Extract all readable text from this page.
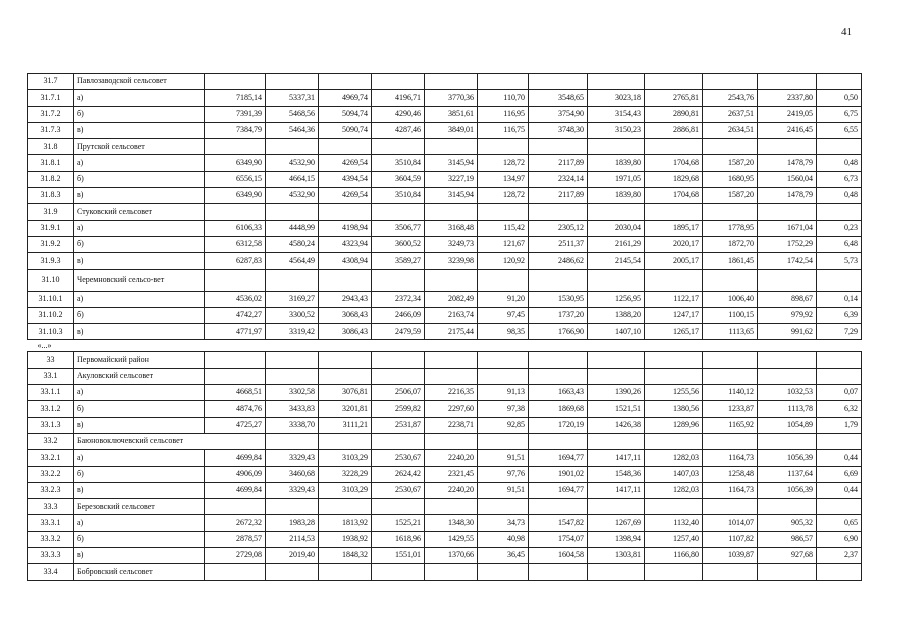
41
31.7	Павлозаводской сельсовет												
31.7.1	а)	7185,14	5337,31	4969,74	4196,71	3770,36	110,70	3548,65	3023,18	2765,81	2543,76	2337,80	0,50
31.7.2	б)	7391,39	5468,56	5094,74	4290,46	3851,61	116,95	3754,90	3154,43	2890,81	2637,51	2419,05	6,75
31.7.3	в)	7384,79	5464,36	5090,74	4287,46	3849,01	116,75	3748,30	3150,23	2886,81	2634,51	2416,45	6,55
31.8	Прутской сельсовет												
31.8.1	а)	6349,90	4532,90	4269,54	3510,84	3145,94	128,72	2117,89	1839,80	1704,68	1587,20	1478,79	0,48
31.8.2	б)	6556,15	4664,15	4394,54	3604,59	3227,19	134,97	2324,14	1971,05	1829,68	1680,95	1560,04	6,73
31.8.3	в)	6349,90	4532,90	4269,54	3510,84	3145,94	128,72	2117,89	1839,80	1704,68	1587,20	1478,79	0,48
31.9	Стуковский сельсовет												
31.9.1	а)	6106,33	4448,99	4198,94	3506,77	3168,48	115,42	2305,12	2030,04	1895,17	1778,95	1671,04	0,23
31.9.2	б)	6312,58	4580,24	4323,94	3600,52	3249,73	121,67	2511,37	2161,29	2020,17	1872,70	1752,29	6,48
31.9.3	в)	6287,83	4564,49	4308,94	3589,27	3239,98	120,92	2486,62	2145,54	2005,17	1861,45	1742,54	5,73
31.10	Черемновский сельсо-вет												
31.10.1	а)	4536,02	3169,27	2943,43	2372,34	2082,49	91,20	1530,95	1256,95	1122,17	1006,40	898,67	0,14
31.10.2	б)	4742,27	3300,52	3068,43	2466,09	2163,74	97,45	1737,20	1388,20	1247,17	1100,15	979,92	6,39
31.10.3	в)	4771,97	3319,42	3086,43	2479,59	2175,44	98,35	1766,90	1407,10	1265,17	1113,65	991,62	7,29
«...»													
33	Первомайский район												
33.1	Акуловский сельсовет												
33.1.1	а)	4668,51	3302,58	3076,81	2506,07	2216,35	91,13	1663,43	1390,26	1255,56	1140,12	1032,53	0,07
33.1.2	б)	4874,76	3433,83	3201,81	2599,82	2297,60	97,38	1869,68	1521,51	1380,56	1233,87	1113,78	6,32
33.1.3	в)	4725,27	3338,70	3111,21	2531,87	2238,71	92,85	1720,19	1426,38	1289,96	1165,92	1054,89	1,79
33.2	Баюновоключевский сельсовет												
33.2.1	а)	4699,84	3329,43	3103,29	2530,67	2240,20	91,51	1694,77	1417,11	1282,03	1164,73	1056,39	0,44
33.2.2	б)	4906,09	3460,68	3228,29	2624,42	2321,45	97,76	1901,02	1548,36	1407,03	1258,48	1137,64	6,69
33.2.3	в)	4699,84	3329,43	3103,29	2530,67	2240,20	91,51	1694,77	1417,11	1282,03	1164,73	1056,39	0,44
33.3	Березовский сельсовет												
33.3.1	а)	2672,32	1983,28	1813,92	1525,21	1348,30	34,73	1547,82	1267,69	1132,40	1014,07	905,32	0,65
33.3.2	б)	2878,57	2114,53	1938,92	1618,96	1429,55	40,98	1754,07	1398,94	1257,40	1107,82	986,57	6,90
33.3.3	в)	2729,08	2019,40	1848,32	1551,01	1370,66	36,45	1604,58	1303,81	1166,80	1039,87	927,68	2,37
33.4	Бобровский сельсовет												
